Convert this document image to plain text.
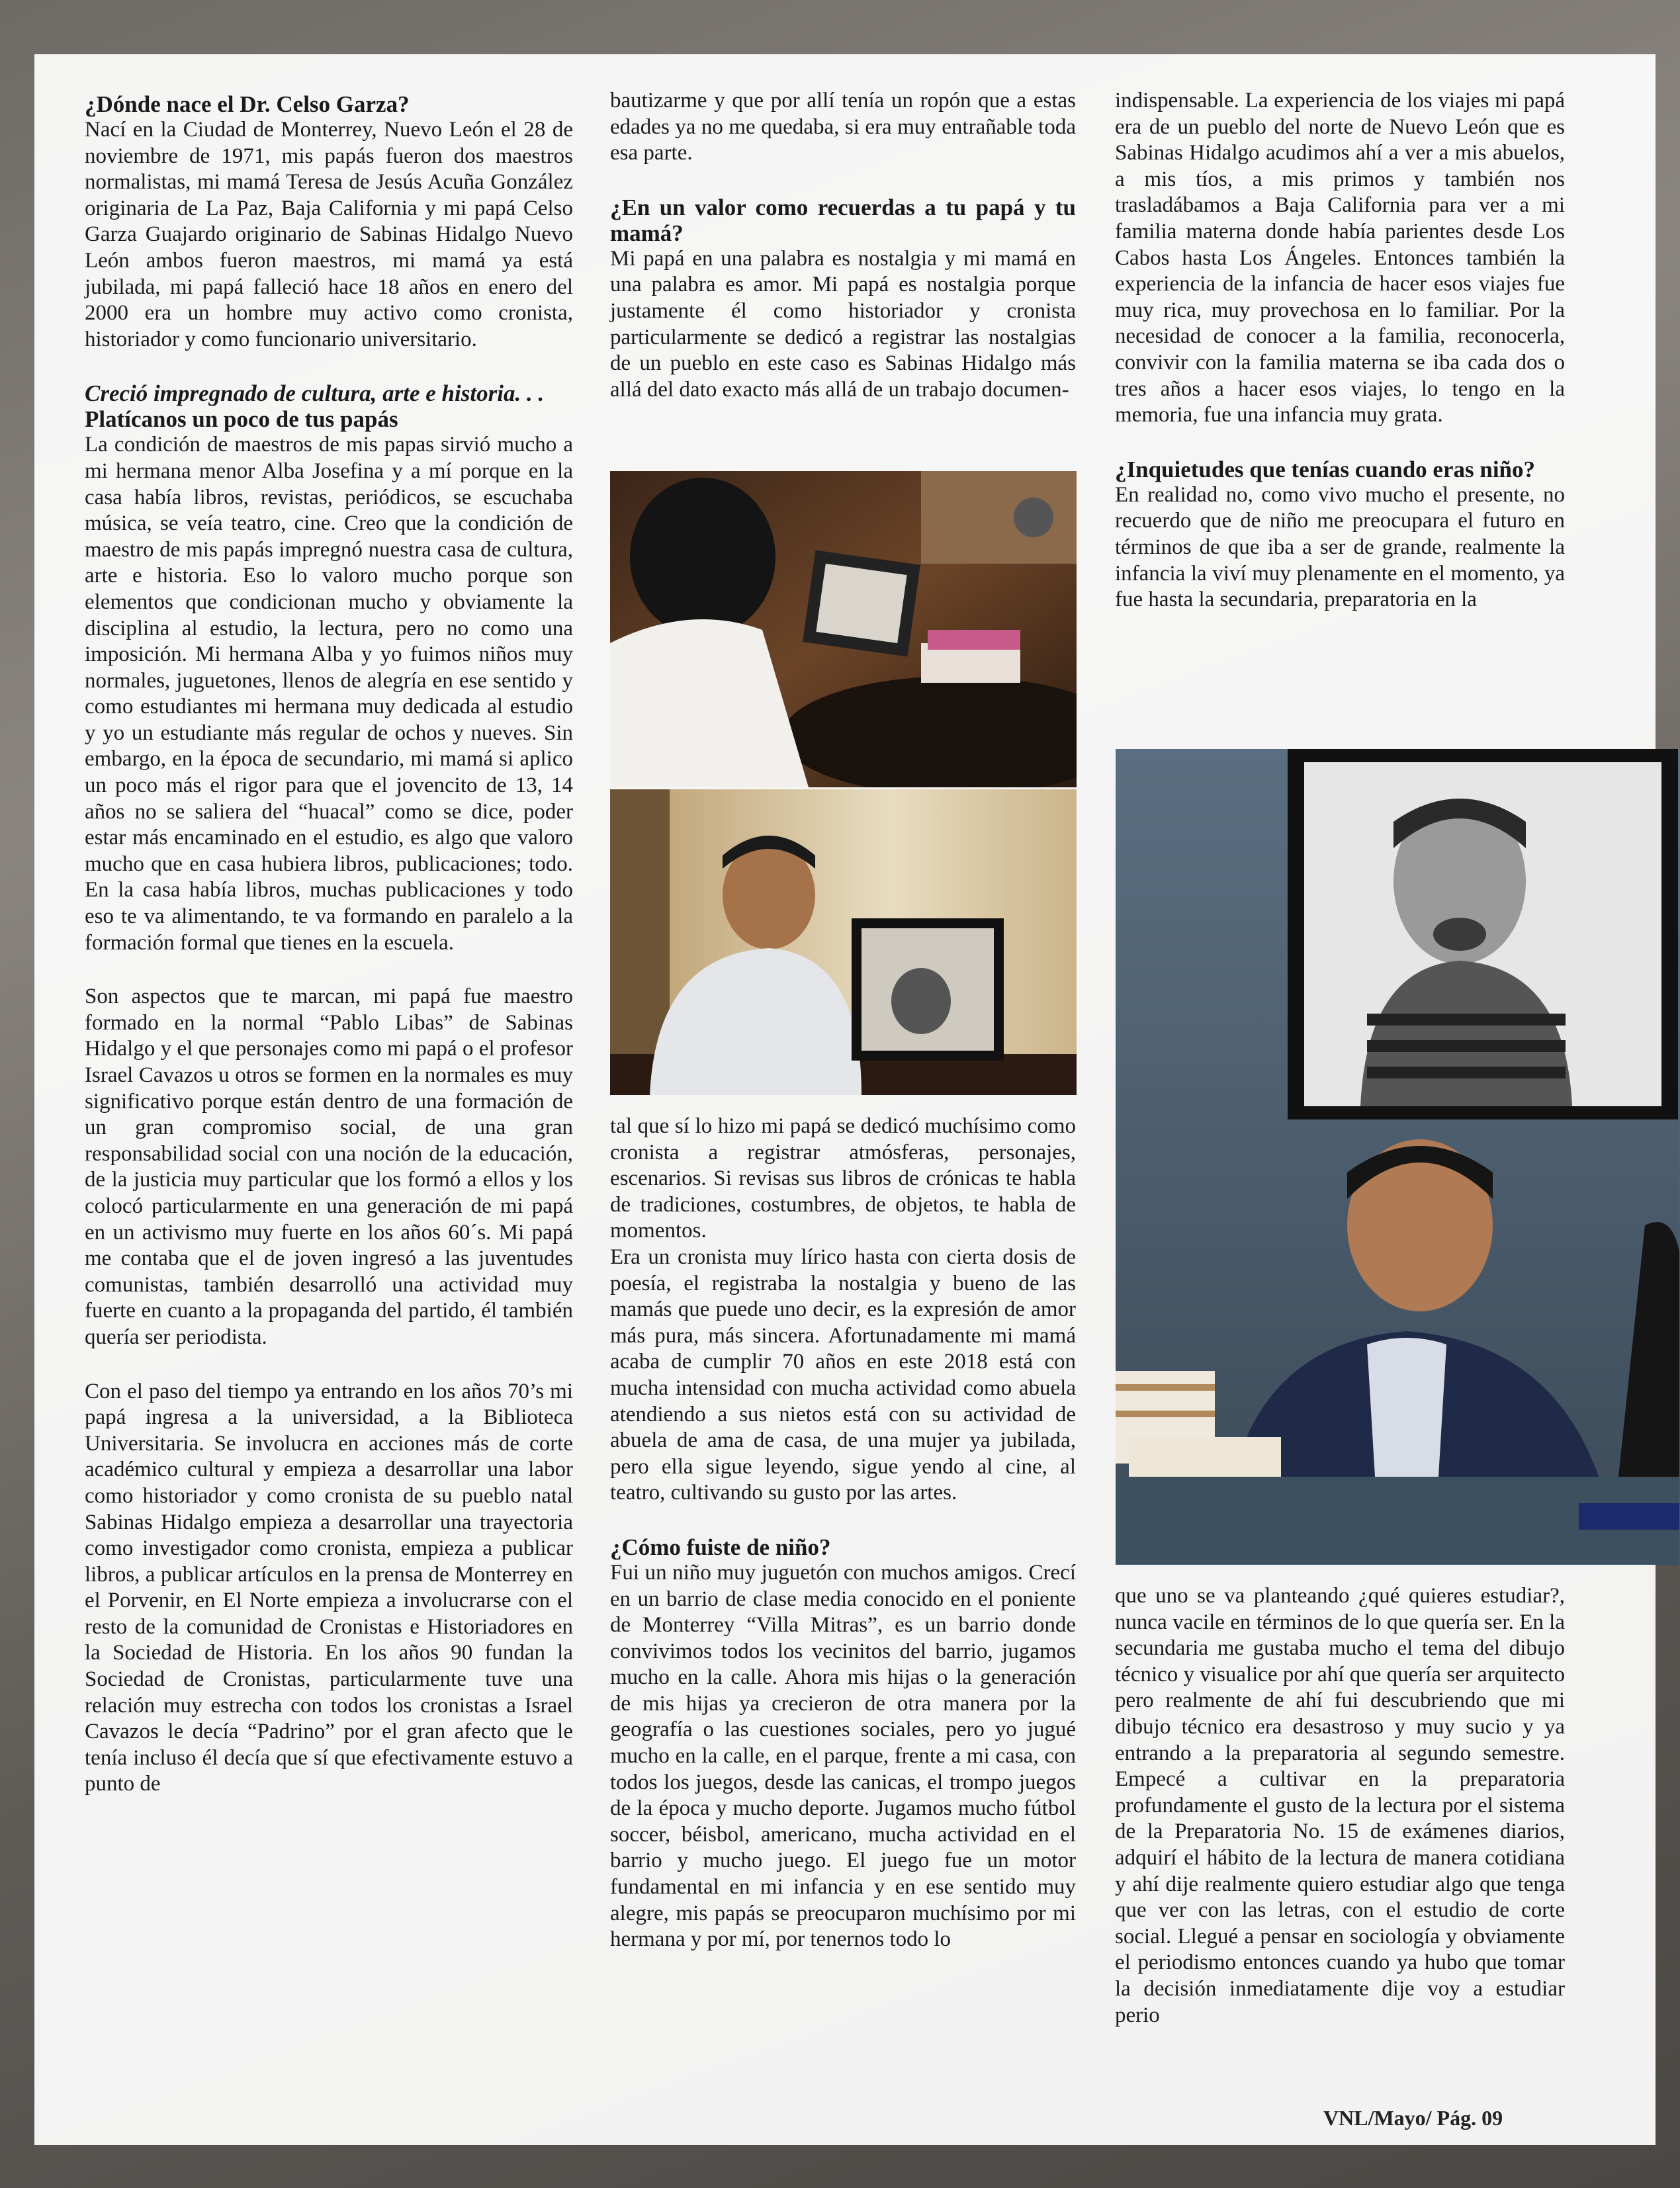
¿Dónde nace el Dr. Celso Garza?

Nací en la Ciudad de Monterrey, Nuevo León el 28 de noviembre de 1971, mis papás fueron dos maestros normalistas, mi mamá Teresa de Jesús Acuña González originaria de La Paz, Baja California y mi papá Celso Garza Guajardo originario de Sabinas Hidalgo Nuevo León ambos fueron maestros, mi mamá ya está jubilada, mi papá falleció hace 18 años en enero del 2000 era un hombre muy activo como cronista, historiador y como funcionario universitario.

Creció impregnado de cultura, arte e historia. . .
Platícanos un poco de tus papás

La condición de maestros de mis papas sirvió mucho a mi hermana menor Alba Josefina y a mí porque en la casa había libros, revistas, periódicos, se escuchaba música, se veía teatro, cine. Creo que la condición de maestro de mis papás impregnó nuestra casa de cultura, arte e historia. Eso lo valoro mucho porque son elementos que condicionan mucho y obviamente la disciplina al estudio, la lectura, pero no como una imposición. Mi hermana Alba y yo fuimos niños muy normales, juguetones, llenos de alegría en ese sentido y como estudiantes mi hermana muy dedicada al estudio y yo un estudiante más regular de ochos y nueves. Sin embargo, en la época de secundario, mi mamá si aplico un poco más el rigor para que el jovencito de 13, 14 años no se saliera del “huacal” como se dice, poder estar más encaminado en el estudio, es algo que valoro mucho que en casa hubiera libros, publicaciones; todo. En la casa había libros, muchas publicaciones y todo eso te va alimentando, te va formando en paralelo a la formación formal que tienes en la escuela.

Son aspectos que te marcan, mi papá fue maestro formado en la normal “Pablo Libas” de Sabinas Hidalgo y el que personajes como mi papá o el profesor Israel Cavazos u otros se formen en la normales es muy significativo porque están dentro de una formación de un gran compromiso social, de una gran responsabilidad social con una noción de la educación, de la justicia muy particular que los formó a ellos y los colocó particularmente en una generación de mi papá en un activismo muy fuerte en los años 60´s. Mi papá me contaba que el de joven ingresó a las juventudes comunistas, también desarrolló una actividad muy fuerte en cuanto a la propaganda del partido, él también quería ser periodista.

Con el paso del tiempo ya entrando en los años 70’s mi papá ingresa a la universidad, a la Biblioteca Universitaria. Se involucra en acciones más de corte académico cultural y empieza a desarrollar una labor como historiador y como cronista de su pueblo natal Sabinas Hidalgo empieza a desarrollar una trayectoria como investigador como cronista, empieza a publicar libros, a publicar artículos en la prensa de Monterrey en el Porvenir, en El Norte empieza a involucrarse con el resto de la comunidad de Cronistas e Historiadores en la Sociedad de Historia. En los años 90 fundan la Sociedad de Cronistas, particularmente tuve una relación muy estrecha con todos los cronistas a Israel Cavazos le decía “Padrino” por el gran afecto que le tenía incluso él decía que sí que efectivamente estuvo a punto de

bautizarme y que por allí tenía un ropón que a estas edades ya no me quedaba, si era muy entrañable toda esa parte.

¿En un valor como recuerdas a tu papá y tu mamá?

Mi papá en una palabra es nostalgia y mi mamá en una palabra es amor. Mi papá es nostalgia porque justamente él como historiador y cronista particularmente se dedicó a registrar las nostalgias de un pueblo en este caso es Sabinas Hidalgo más allá del dato exacto más allá de un trabajo documen-

tal que sí lo hizo mi papá se dedicó muchísimo como cronista a registrar atmósferas, personajes, escenarios. Si revisas sus libros de crónicas te habla de tradiciones, costumbres, de objetos, te habla de momentos.

Era un cronista muy lírico hasta con cierta dosis de poesía, el registraba la nostalgia y bueno de las mamás que puede uno decir, es la expresión de amor más pura, más sincera. Afortunadamente mi mamá acaba de cumplir 70 años en este 2018 está con mucha intensidad con mucha actividad como abuela atendiendo a sus nietos está con su actividad de abuela de ama de casa, de una mujer ya jubilada, pero ella sigue leyendo, sigue yendo al cine, al teatro, cultivando su gusto por las artes.

¿Cómo fuiste de niño?

Fui un niño muy juguetón con muchos amigos. Crecí en un barrio de clase media conocido en el poniente de Monterrey “Villa Mitras”, es un barrio donde convivimos todos los vecinitos del barrio, jugamos mucho en la calle. Ahora mis hijas o la generación de mis hijas ya crecieron de otra manera por la geografía o las cuestiones sociales, pero yo jugué mucho en la calle, en el parque, frente a mi casa, con todos los juegos, desde las canicas, el trompo juegos de la época y mucho deporte. Jugamos mucho fútbol soccer, béisbol, americano, mucha actividad en el barrio y mucho juego. El juego fue un motor fundamental en mi infancia y en ese sentido muy alegre, mis papás se preocuparon muchísimo por mi hermana y por mí, por tenernos todo lo

indispensable. La experiencia de los viajes mi papá era de un pueblo del norte de Nuevo León que es Sabinas Hidalgo acudimos ahí a ver a mis abuelos, a mis tíos, a mis primos y también nos trasladábamos a Baja California para ver a mi familia materna donde había parientes desde Los Cabos hasta Los Ángeles. Entonces también la experiencia de la infancia de hacer esos viajes fue muy rica, muy provechosa en lo familiar. Por la necesidad de conocer a la familia, reconocerla, convivir con la familia materna se iba cada dos o tres años a hacer esos viajes, lo tengo en la memoria, fue una infancia muy grata.

¿Inquietudes que tenías cuando eras niño?

En realidad no, como vivo mucho el presente, no recuerdo que de niño me preocupara el futuro en términos de que iba a ser de grande, realmente la infancia la viví muy plenamente en el momento, ya fue hasta la secundaria, preparatoria en la

que uno se va planteando ¿qué quieres estudiar?, nunca vacile en términos de lo que quería ser. En la secundaria me gustaba mucho el tema del dibujo técnico y visualice por ahí que quería ser arquitecto pero realmente de ahí fui descubriendo que mi dibujo técnico era desastroso y muy sucio y ya entrando a la preparatoria al segundo semestre. Empecé a cultivar en la preparatoria profundamente el gusto de la lectura por el sistema de la Preparatoria No. 15 de exámenes diarios, adquirí el hábito de la lectura de manera cotidiana y ahí dije realmente quiero estudiar algo que tenga que ver con las letras, con el estudio de corte social. Llegué a pensar en sociología y obviamente el periodismo entonces cuando ya hubo que tomar la decisión inmediatamente dije voy a estudiar perio

VNL/Mayo/ Pág. 09
